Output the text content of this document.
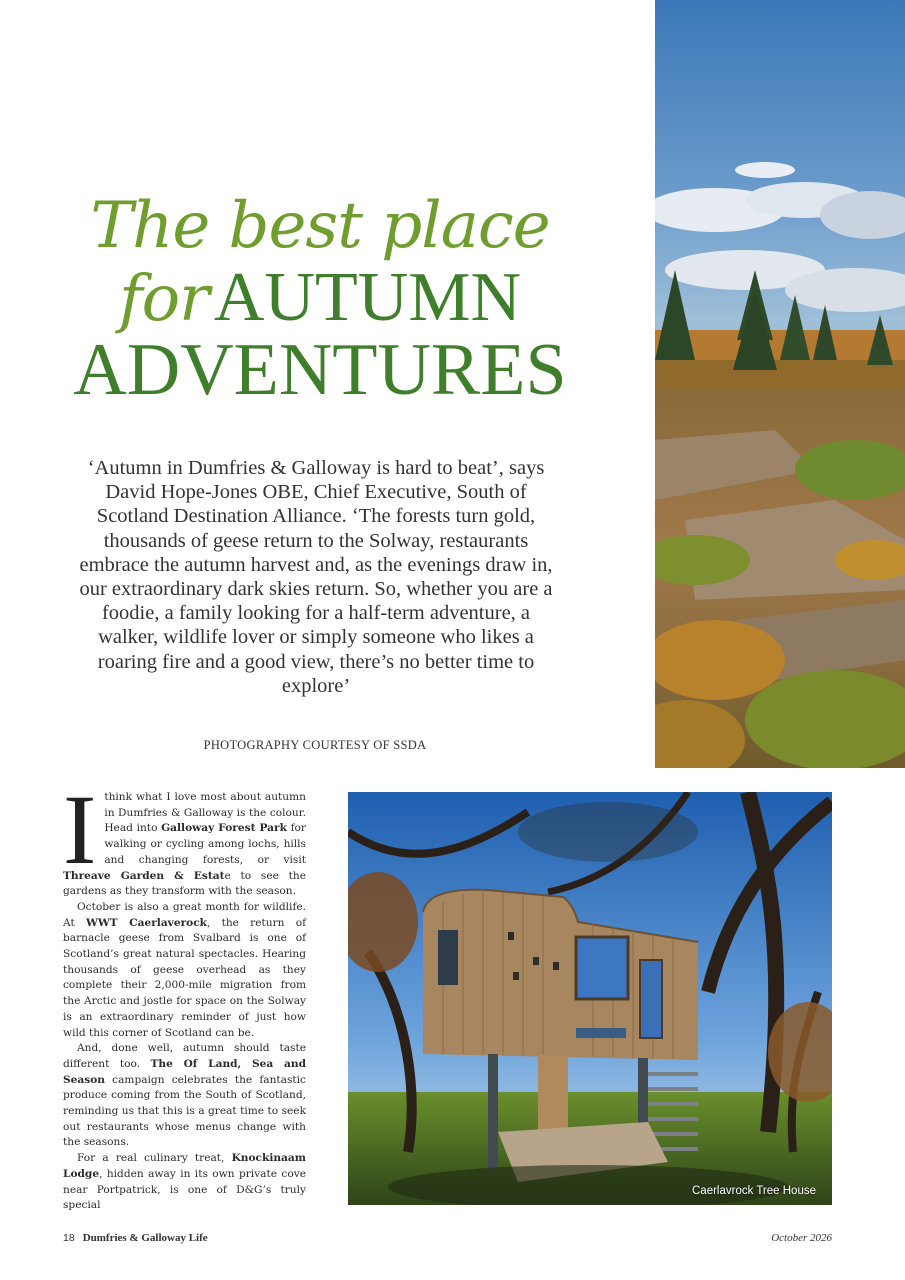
The best place
for AUTUMN
ADVENTURES
‘Autumn in Dumfries & Galloway is hard to beat’, says David Hope-Jones OBE, Chief Executive, South of Scotland Destination Alliance. ‘The forests turn gold, thousands of geese return to the Solway, restaurants embrace the autumn harvest and, as the evenings draw in, our extraordinary dark skies return. So, whether you are a foodie, a family looking for a half-term adventure, a walker, wildlife lover or simply someone who likes a roaring fire and a good view, there’s no better time to explore’
PHOTOGRAPHY COURTESY OF SSDA

Ithink what I love most about autumn in Dumfries & Galloway is the colour. Head into Galloway Forest Park for walking or cycling among lochs, hills and changing forests, or visit Threave Garden & Estate to see the gardens as they transform with the season.

October is also a great month for wildlife. At WWT Caerlaverock, the return of barnacle geese from Svalbard is one of Scotland’s great natural spectacles. Hearing thousands of geese overhead as they complete their 2,000-mile migration from the Arctic and jostle for space on the Solway is an extraordinary reminder of just how wild this corner of Scotland can be.

And, done well, autumn should taste different too. The Of Land, Sea and Season campaign celebrates the fantastic produce coming from the South of Scotland, reminding us that this is a great time to seek out restaurants whose menus change with the seasons.

For a real culinary treat, Knockinaam Lodge, hidden away in its own private cove near Portpatrick, is one of D&G’s truly special

Caerlavrock Tree House
18 Dumfries & Galloway Life	October 2026
